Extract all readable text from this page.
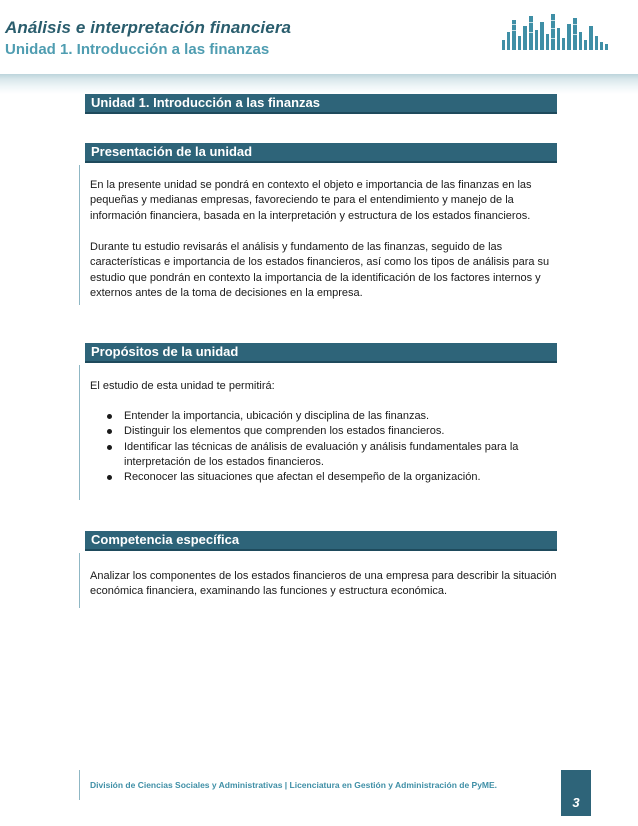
Análisis e interpretación financiera
Unidad 1. Introducción a las finanzas
Unidad 1. Introducción a las finanzas
Presentación de la unidad
En la presente unidad se pondrá en contexto el objeto e importancia de las finanzas en las pequeñas y medianas empresas, favoreciendo te para el entendimiento y manejo de la información financiera, basada en la interpretación y estructura de los estados financieros.
Durante tu estudio revisarás el análisis y fundamento de las finanzas, seguido de las características e importancia de los estados financieros, así como los tipos de análisis para su estudio que pondrán en contexto la importancia de la identificación de los factores internos y externos antes de la toma de decisiones en la empresa.
Propósitos de la unidad
El estudio de esta unidad te permitirá:
Entender la importancia, ubicación y disciplina de las finanzas.
Distinguir los elementos que comprenden los estados financieros.
Identificar las técnicas de análisis de evaluación y análisis fundamentales para la interpretación de los estados financieros.
Reconocer las situaciones que afectan el desempeño de la organización.
Competencia específica
Analizar los componentes de los estados financieros de una empresa para describir la situación económica financiera, examinando las funciones y estructura económica.
División de Ciencias Sociales y Administrativas | Licenciatura en Gestión y Administración de PyME.
3
